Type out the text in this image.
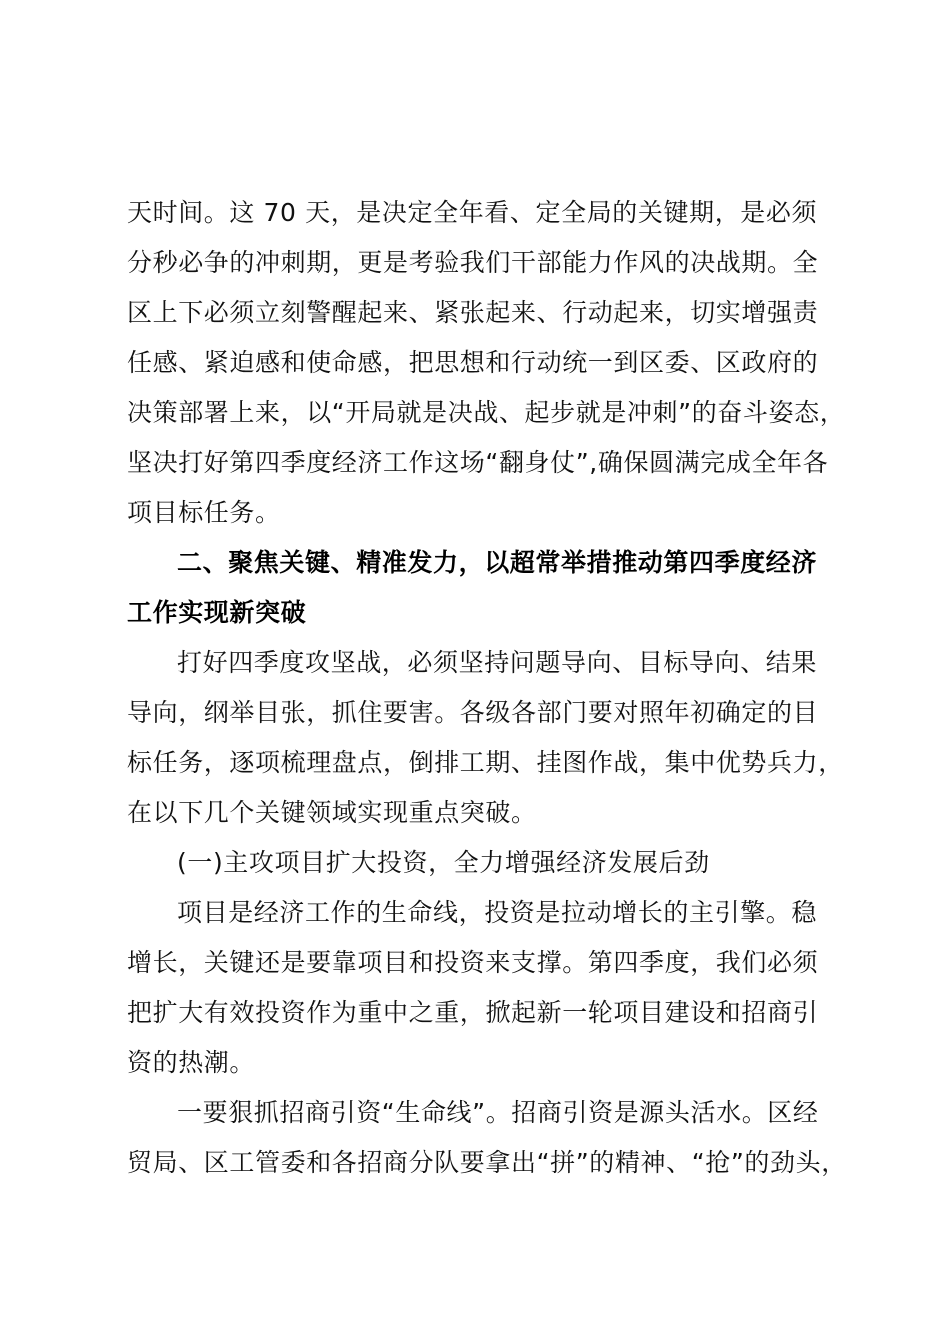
天时间。这 70 天，是决定全年看、定全局的关键期，是必须
分秒必争的冲刺期，更是考验我们干部能力作风的决战期。全
区上下必须立刻警醒起来、紧张起来、行动起来，切实增强责
任感、紧迫感和使命感，把思想和行动统一到区委、区政府的
决策部署上来，以“开局就是决战、起步就是冲刺”的奋斗姿态，
坚决打好第四季度经济工作这场“翻身仗”,确保圆满完成全年各
项目标任务。
二、聚焦关键、精准发力，以超常举措推动第四季度经济
工作实现新突破
打好四季度攻坚战，必须坚持问题导向、目标导向、结果
导向，纲举目张，抓住要害。各级各部门要对照年初确定的目
标任务，逐项梳理盘点，倒排工期、挂图作战，集中优势兵力，
在以下几个关键领域实现重点突破。
(一)主攻项目扩大投资，全力增强经济发展后劲
项目是经济工作的生命线，投资是拉动增长的主引擎。稳
增长，关键还是要靠项目和投资来支撑。第四季度，我们必须
把扩大有效投资作为重中之重，掀起新一轮项目建设和招商引
资的热潮。
一要狠抓招商引资“生命线”。招商引资是源头活水。区经
贸局、区工管委和各招商分队要拿出“拼”的精神、“抢”的劲头，
